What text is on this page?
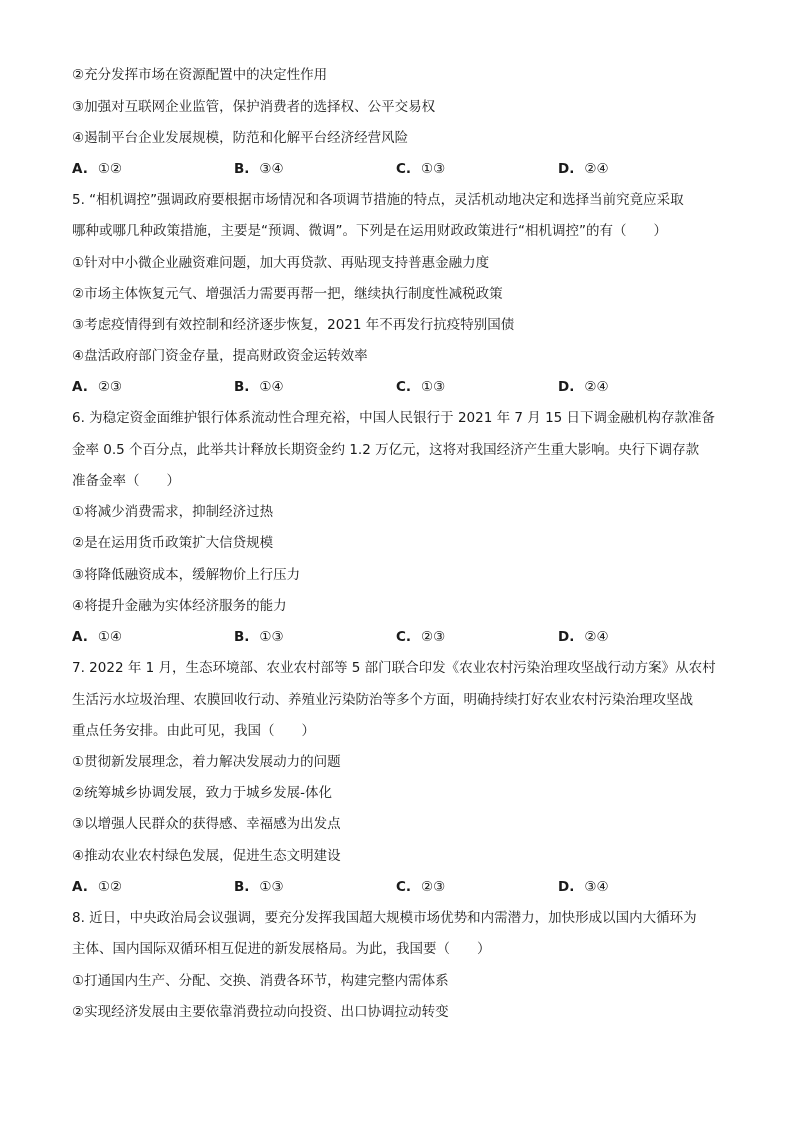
②充分发挥市场在资源配置中的决定性作用
③加强对互联网企业监管，保护消费者的选择权、公平交易权
④遏制平台企业发展规模，防范和化解平台经济经营风险
A. ①②	B. ③④	C. ①③	D. ②④
5. “相机调控”强调政府要根据市场情况和各项调节措施的特点，灵活机动地决定和选择当前究竟应采取
哪种或哪几种政策措施，主要是“预调、微调”。下列是在运用财政政策进行“相机调控”的有（　　）
①针对中小微企业融资难问题，加大再贷款、再贴现支持普惠金融力度
②市场主体恢复元气、增强活力需要再帮一把，继续执行制度性减税政策
③考虑疫情得到有效控制和经济逐步恢复，2021 年不再发行抗疫特别国债
④盘活政府部门资金存量，提高财政资金运转效率
A. ②③	B. ①④	C. ①③	D. ②④
6. 为稳定资金面维护银行体系流动性合理充裕，中国人民银行于 2021 年 7 月 15 日下调金融机构存款准备
金率 0.5 个百分点，此举共计释放长期资金约 1.2 万亿元，这将对我国经济产生重大影响。央行下调存款
准备金率（　　）
①将减少消费需求，抑制经济过热
②是在运用货币政策扩大信贷规模
③将降低融资成本，缓解物价上行压力
④将提升金融为实体经济服务的能力
A. ①④	B. ①③	C. ②③	D. ②④
7. 2022 年 1 月，生态环境部、农业农村部等 5 部门联合印发《农业农村污染治理攻坚战行动方案》从农村
生活污水垃圾治理、农膜回收行动、养殖业污染防治等多个方面，明确持续打好农业农村污染治理攻坚战
重点任务安排。由此可见，我国（　　）
①贯彻新发展理念，着力解决发展动力的问题
②统筹城乡协调发展，致力于城乡发展-体化
③以增强人民群众的获得感、幸福感为出发点
④推动农业农村绿色发展，促进生态文明建设
A. ①②	B. ①③	C. ②③	D. ③④
8. 近日，中央政治局会议强调，要充分发挥我国超大规模市场优势和内需潜力，加快形成以国内大循环为
主体、国内国际双循环相互促进的新发展格局。为此，我国要（　　）
①打通国内生产、分配、交换、消费各环节，构建完整内需体系
②实现经济发展由主要依靠消费拉动向投资、出口协调拉动转变
